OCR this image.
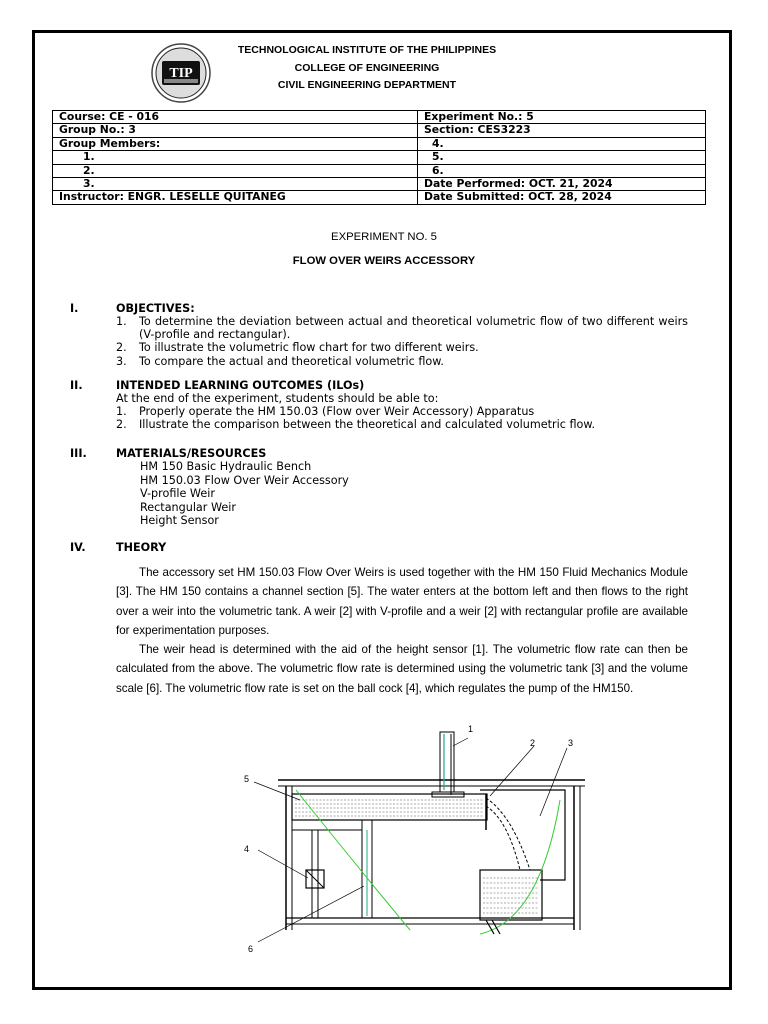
TIP
TECHNOLOGICAL INSTITUTE OF THE PHILIPPINES
COLLEGE OF ENGINEERING
CIVIL ENGINEERING DEPARTMENT
Course: CE - 016	Experiment No.: 5
Group No.: 3	Section: CES3223
Group Members:	4.
1.	5.
2.	6.
3.	Date Performed: OCT. 21, 2024
Instructor: ENGR. LESELLE QUITANEG	Date Submitted: OCT. 28, 2024
EXPERIMENT NO. 5
FLOW OVER WEIRS ACCESSORY
I.	OBJECTIVES:
1.	To determine the deviation between actual and theoretical volumetric flow of two different weirs (V-profile and rectangular).
2.	To illustrate the volumetric flow chart for two different weirs.
3.	To compare the actual and theoretical volumetric flow.
II.	INTENDED LEARNING OUTCOMES (ILOs)
At the end of the experiment, students should be able to:
1.	Properly operate the HM 150.03 (Flow over Weir Accessory) Apparatus
2.	Illustrate the comparison between the theoretical and calculated volumetric flow.
III.	MATERIALS/RESOURCES
HM 150 Basic Hydraulic Bench
HM 150.03 Flow Over Weir Accessory
V-profile Weir
Rectangular Weir
Height Sensor
IV.	THEORY

The accessory set HM 150.03 Flow Over Weirs is used together with the HM 150 Fluid Mechanics Module [3]. The HM 150 contains a channel section [5]. The water enters at the bottom left and then flows to the right over a weir into the volumetric tank. A weir [2] with V-profile and a weir [2] with rectangular profile are available for experimentation purposes.

The weir head is determined with the aid of the height sensor [1]. The volumetric flow rate can then be calculated from the above. The volumetric flow rate is determined using the volumetric tank [3] and the volume scale [6]. The volumetric flow rate is set on the ball cock [4], which regulates the pump of the HM150.

1
2	3
4
5
6
